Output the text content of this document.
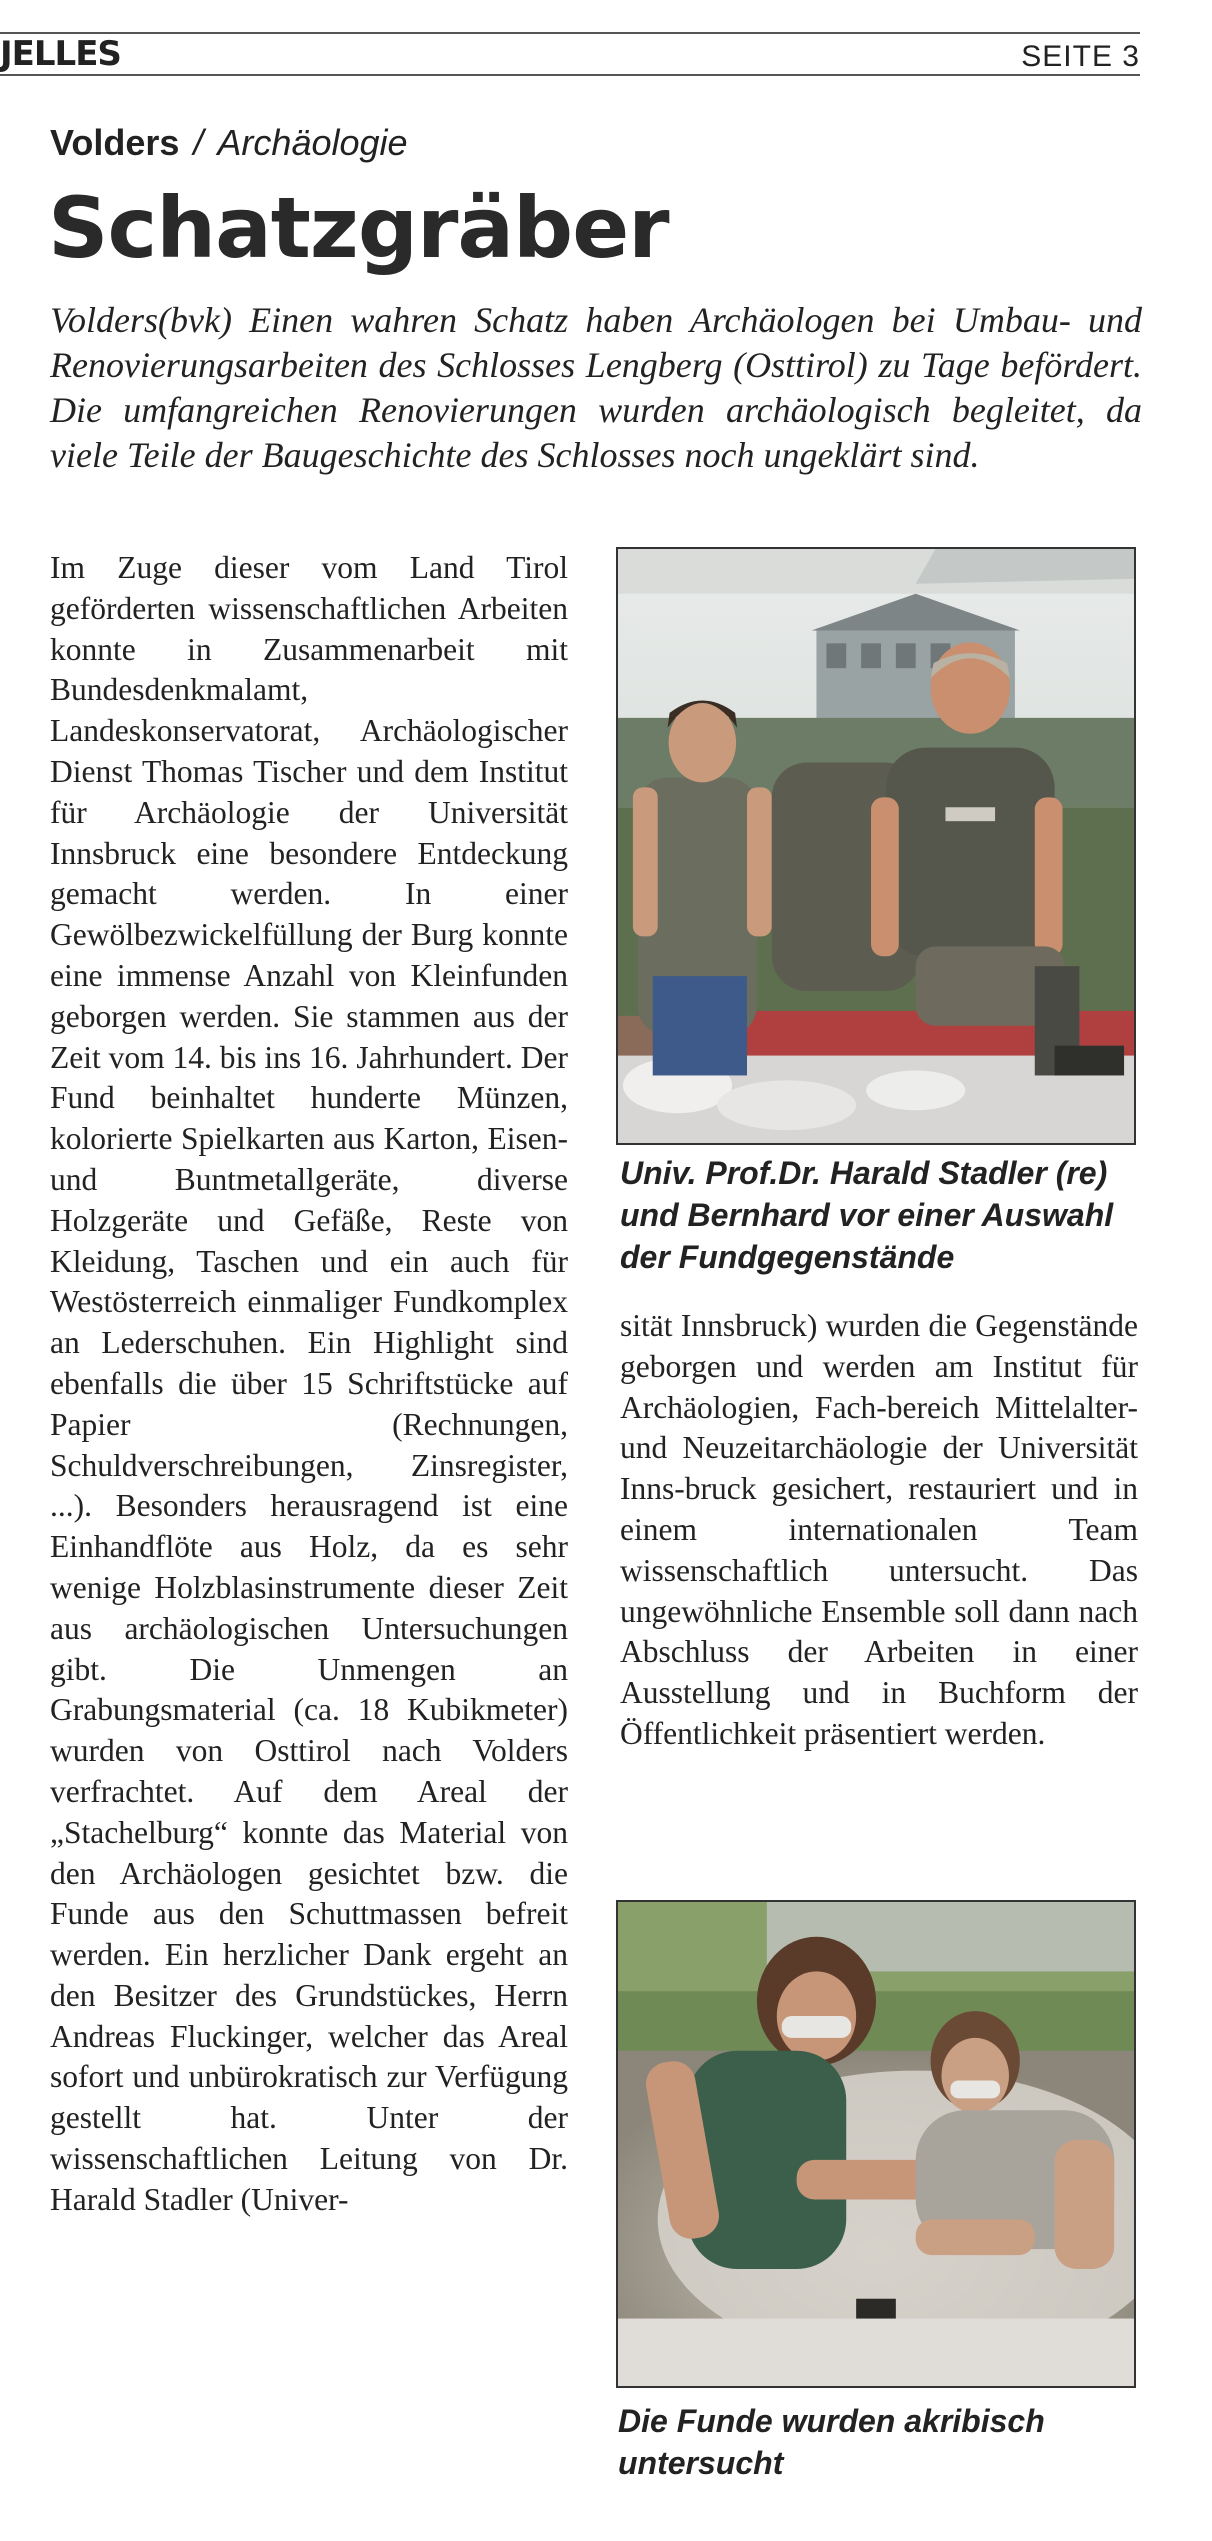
JELLES	SEITE 3
Volders / Archäologie
Schatzgräber
Volders(bvk) Einen wahren Schatz haben Archäologen bei Umbau- und Renovierungsarbeiten des Schlosses Lengberg (Osttirol) zu Tage befördert. Die umfangreichen Renovierungen wurden archäologisch begleitet, da viele Teile der Baugeschichte des Schlosses noch ungeklärt sind.
Im Zuge dieser vom Land Tirol geförderten wissenschaftlichen Arbeiten konnte in Zusammenarbeit mit Bundesdenkmalamt, Landeskonservatorat, Archäologischer Dienst Thomas Tischer und dem Institut für Archäologie der Universität Innsbruck eine besondere Entdeckung gemacht werden. In einer Gewölbezwickelfüllung der Burg konnte eine immense Anzahl von Kleinfunden geborgen werden. Sie stammen aus der Zeit vom 14. bis ins 16. Jahrhundert. Der Fund beinhaltet hunderte Münzen, kolorierte Spielkarten aus Karton, Eisen- und Buntmetallgeräte, diverse Holzgeräte und Gefäße, Reste von Kleidung, Taschen und ein auch für Westösterreich einmaliger Fundkomplex an Lederschuhen. Ein Highlight sind ebenfalls die über 15 Schriftstücke auf Papier (Rechnungen, Schuldverschreibungen, Zinsregister, ...). Besonders herausragend ist eine Einhandflöte aus Holz, da es sehr wenige Holzblasinstrumente dieser Zeit aus archäologischen Untersuchungen gibt. Die Unmengen an Grabungsmaterial (ca. 18 Kubikmeter) wurden von Osttirol nach Volders verfrachtet. Auf dem Areal der „Stachelburg“ konnte das Material von den Archäologen gesichtet bzw. die Funde aus den Schuttmassen befreit werden. Ein herzlicher Dank ergeht an den Besitzer des Grundstückes, Herrn Andreas Fluckinger, welcher das Areal sofort und unbürokratisch zur Verfügung gestellt hat. Unter der wissenschaftlichen Leitung von Dr. Harald Stadler (Univer-
Univ. Prof.Dr. Harald Stadler (re) und Bernhard vor einer Auswahl der Fundgegenstände
sität Innsbruck) wurden die Gegenstände geborgen und werden am Institut für Archäologien, Fach-bereich Mittelalter- und Neuzeitarchäologie der Universität Inns-bruck gesichert, restauriert und in einem internationalen Team wissenschaftlich untersucht. Das ungewöhnliche Ensemble soll dann nach Abschluss der Arbeiten in einer Ausstellung und in Buchform der Öffentlichkeit präsentiert werden.
Die Funde wurden akribisch untersucht
